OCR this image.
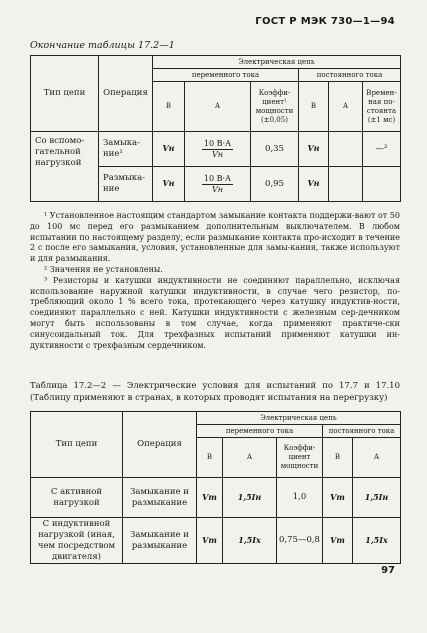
ГОСТ Р МЭК 730—1—94
Окончание таблицы 17.2—1
Тип цепи	Операция	Электрическая цепь					
		переменного тока			постоянного тока		
		В	А	Коэффи-циент¹ мощности (±0,05)	В	А	Времен-ная по-стоянта (±1 мс)
Со вспомо-гательной нагрузкой	Замыка-ние¹	Vн	$\frac{10 В\cdot А}{Vн}$	0,35	Vн		—²
	Размыка-ние	Vн	$\frac{10 В\cdot А}{Vн}$	0,95	Vн		

¹ Установленное настоящим стандартом замыкание контакта поддержи-вают от 50 до 100 мс перед его размыканием дополнительным выключателем. В любом испытании по настоящему разделу, если размыкание контакта про-исходит в течение 2 с после его замыкания, условия, установленные для замы-кания, также используют и для размыкания.

² Значения не установлены.

³ Резисторы и катушки индуктивности не соединяют параллельно, исключая использование наружной катушки индуктивности, в случае чего резистор, по-требляющий около 1 % всего тока, протекающего через катушку индуктив-ности, соединяют параллельно с ней. Катушки индуктивности с железным сер-дечником могут быть использованы в том случае, когда применяют практиче-ски синусоидальный ток. Для трехфазных испытаний применяют катушки ин-дуктивности с трехфазным сердечником.

Таблица 17.2—2 — Электрические условия для испытаний по 17.7 и 17.10 (Таблицу применяют в странах, в которых проводят испытания на перегрузку)
Тип цепи	Операция	Электрическая цепь				
		переменного тока			постоянного тока	
		В	А	Коэффи-циент мощности	В	А
С активной нагрузкой	Замыкание и размыкание	Vт	1,5Iн	1,0	Vт	1,5Iн
С индуктивной нагрузкой (иная, чем посредством двигателя)	Замыкание и размыкание	Vт	1,5Iх	0,75—0,8	Vт	1,5Iх
97
